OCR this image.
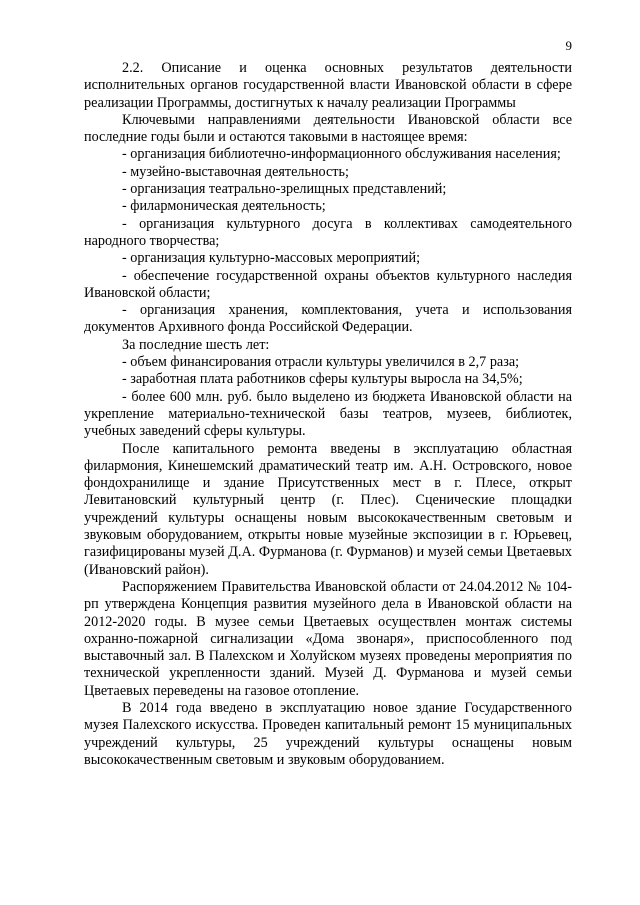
9

2.2. Описание и оценка основных результатов деятельности исполнительных органов государственной власти Ивановской области в сфере реализации Программы, достигнутых к началу реализации Программы

Ключевыми направлениями деятельности Ивановской области все последние годы были и остаются таковыми в настоящее время:

- организация библиотечно-информационного обслуживания населения;

- музейно-выставочная деятельность;

- организация театрально-зрелищных представлений;

- филармоническая деятельность;

- организация культурного досуга в коллективах самодеятельного народного творчества;

- организация культурно-массовых мероприятий;

- обеспечение государственной охраны объектов культурного наследия Ивановской области;

- организация хранения, комплектования, учета и использования документов Архивного фонда Российской Федерации.

За последние шесть лет:

- объем финансирования отрасли культуры увеличился в 2,7 раза;

- заработная плата работников сферы культуры выросла на 34,5%;

- более 600 млн. руб. было выделено из бюджета Ивановской области на укрепление материально-технической базы театров, музеев, библиотек, учебных заведений сферы культуры.

После капитального ремонта введены в эксплуатацию областная филармония, Кинешемский драматический театр им. А.Н. Островского, новое фондохранилище и здание Присутственных мест в г. Плесе, открыт Левитановский культурный центр (г. Плес). Сценические площадки учреждений культуры оснащены новым высококачественным световым и звуковым оборудованием, открыты новые музейные экспозиции в г. Юрьевец, газифицированы музей Д.А. Фурманова (г. Фурманов) и музей семьи Цветаевых (Ивановский район).

Распоряжением Правительства Ивановской области от 24.04.2012 № 104-рп утверждена Концепция развития музейного дела в Ивановской области на 2012-2020 годы. В музее семьи Цветаевых осуществлен монтаж системы охранно-пожарной сигнализации «Дома звонаря», приспособленного под выставочный зал. В Палехском и Холуйском музеях проведены мероприятия по технической укрепленности зданий. Музей Д. Фурманова и музей семьи Цветаевых переведены на газовое отопление.

В 2014 года введено в эксплуатацию новое здание Государственного музея Палехского искусства. Проведен капитальный ремонт 15 муниципальных учреждений культуры, 25 учреждений культуры оснащены новым высококачественным световым и звуковым оборудованием.
